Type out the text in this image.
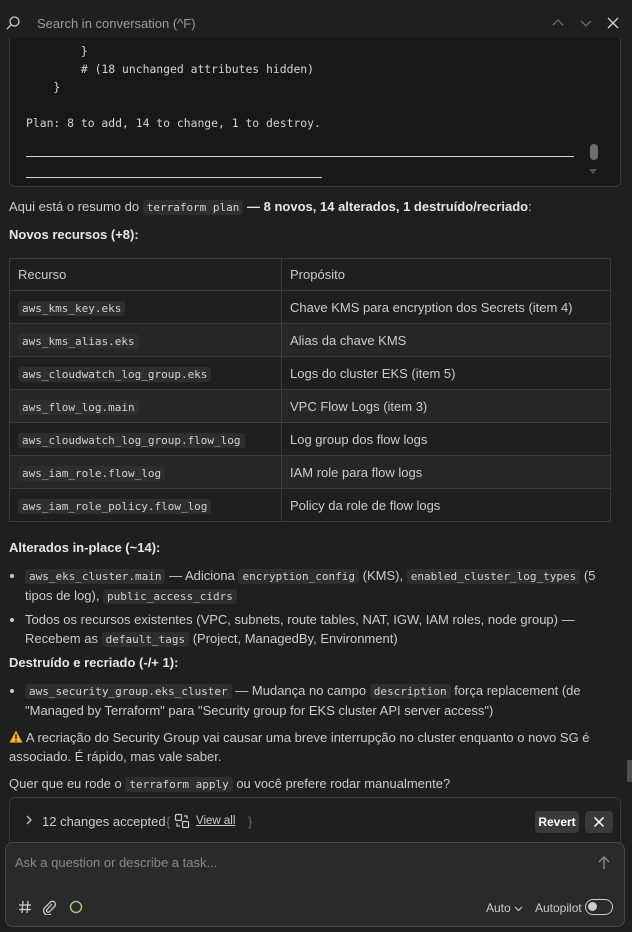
Search in conversation (^F)
}
# (18 unchanged attributes hidden)
}

Plan: 8 to add, 14 to change, 1 to destroy.
Aqui está o resumo do terraform plan — 8 novos, 14 alterados, 1 destruído/recriado:
Novos recursos (+8):
Recurso	Propósito
aws_kms_key.eks	Chave KMS para encryption dos Secrets (item 4)
aws_kms_alias.eks	Alias da chave KMS
aws_cloudwatch_log_group.eks	Logs do cluster EKS (item 5)
aws_flow_log.main	VPC Flow Logs (item 3)
aws_cloudwatch_log_group.flow_log	Log group dos flow logs
aws_iam_role.flow_log	IAM role para flow logs
aws_iam_role_policy.flow_log	Policy da role de flow logs
Alterados in-place (~14):
aws_eks_cluster.main — Adiciona encryption_config (KMS), enabled_cluster_log_types (5
tipos de log), public_access_cidrs
Todos os recursos existentes (VPC, subnets, route tables, NAT, IGW, IAM roles, node group) —
Recebem as default_tags (Project, ManagedBy, Environment)
Destruído e recriado (-/+ 1):
aws_security_group.eks_cluster — Mudança no campo description força replacement (de
"Managed by Terraform" para "Security group for EKS cluster API server access")
A recriação do Security Group vai causar uma breve interrupção no cluster enquanto o novo SG é
associado. É rápido, mas vale saber.
Quer que eu rode o terraform apply ou você prefere rodar manualmente?
12 changes accepted { View all }	Revert
Ask a question or describe a task...
Auto	Autopilot
